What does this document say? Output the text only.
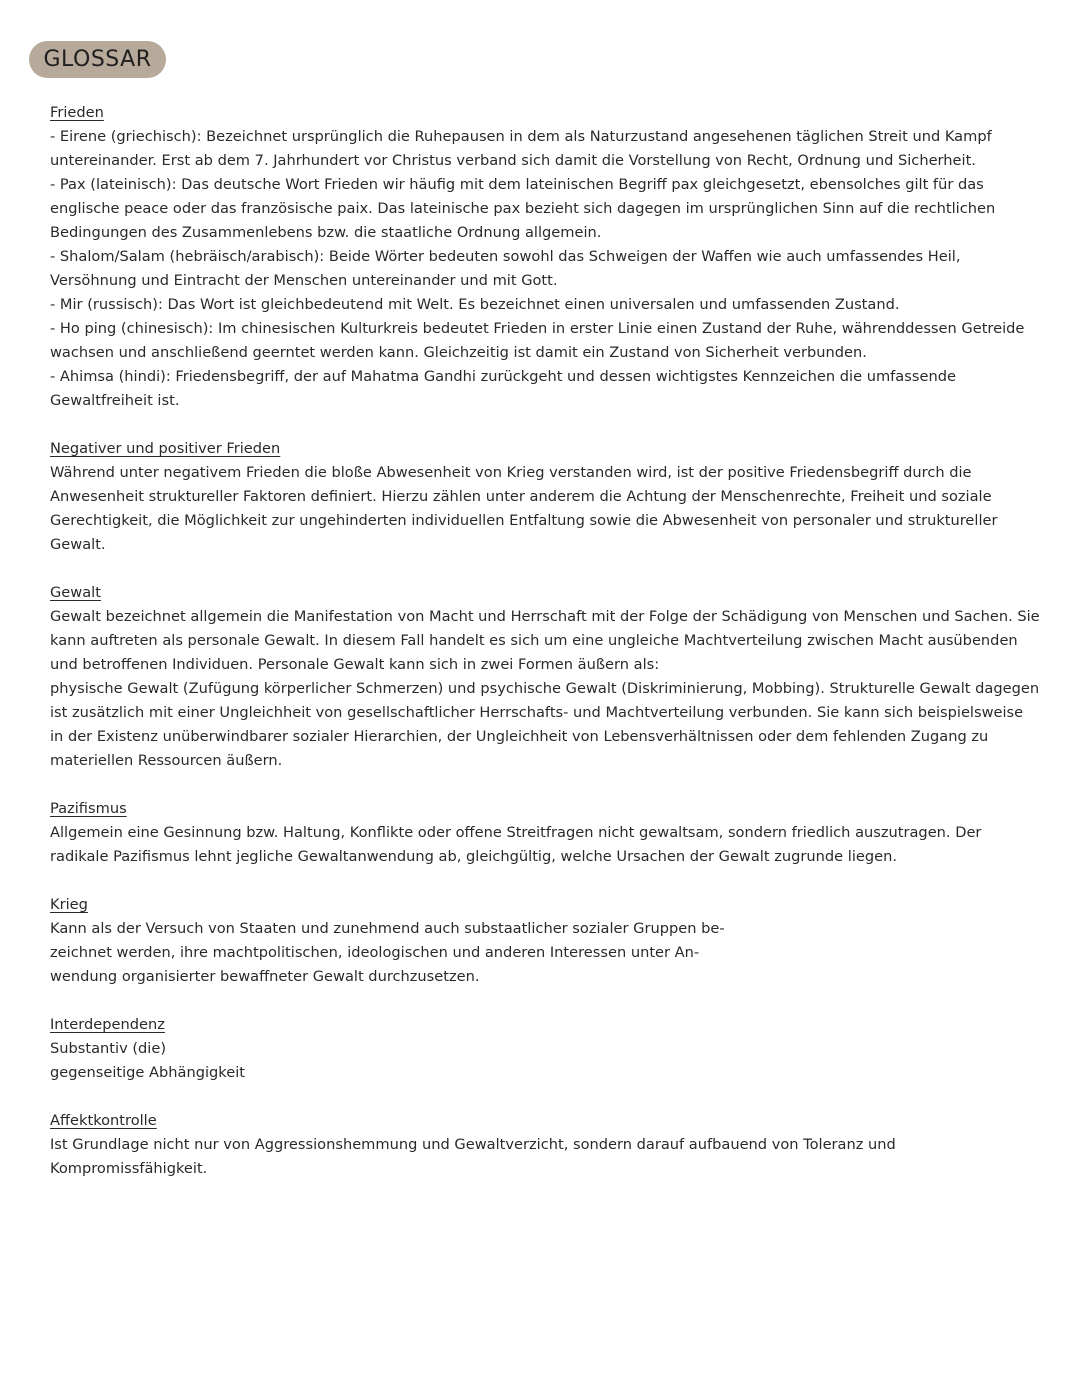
GLOSSAR
Frieden
- Eirene (griechisch): Bezeichnet ursprünglich die Ruhepausen in dem als Naturzustand angesehenen täglichen Streit und Kampf untereinander. Erst ab dem 7. Jahrhundert vor Christus verband sich damit die Vorstellung von Recht, Ordnung und Sicherheit.
- Pax (lateinisch): Das deutsche Wort Frieden wir häufig mit dem lateinischen Begriff pax gleichgesetzt, ebensolches gilt für das englische peace oder das französische paix. Das lateinische pax bezieht sich dagegen im ursprünglichen Sinn auf die rechtlichen Bedingungen des Zusammenlebens bzw. die staatliche Ordnung allgemein.
- Shalom/Salam (hebräisch/arabisch): Beide Wörter bedeuten sowohl das Schweigen der Waffen wie auch umfassendes Heil, Versöhnung und Eintracht der Menschen untereinander und mit Gott.
- Mir (russisch): Das Wort ist gleichbedeutend mit Welt. Es bezeichnet einen universalen und umfassenden Zustand.
- Ho ping (chinesisch): Im chinesischen Kulturkreis bedeutet Frieden in erster Linie einen Zustand der Ruhe, währenddessen Getreide wachsen und anschließend geerntet werden kann. Gleichzeitig ist damit ein Zustand von Sicherheit verbunden.
- Ahimsa (hindi): Friedensbegriff, der auf Mahatma Gandhi zurückgeht und dessen wichtigstes Kennzeichen die umfassende Gewaltfreiheit ist.
Negativer und positiver Frieden
Während unter negativem Frieden die bloße Abwesenheit von Krieg verstanden wird, ist der positive Friedensbegriff durch die Anwesenheit struktureller Faktoren definiert. Hierzu zählen unter anderem die Achtung der Menschenrechte, Freiheit und soziale Gerechtigkeit, die Möglichkeit zur ungehinderten individuellen Entfaltung sowie die Abwesenheit von personaler und struktureller Gewalt.
Gewalt
Gewalt bezeichnet allgemein die Manifestation von Macht und Herrschaft mit der Folge der Schädigung von Menschen und Sachen. Sie kann auftreten als personale Gewalt. In diesem Fall handelt es sich um eine ungleiche Machtverteilung zwischen Macht ausübenden und betroffenen Individuen. Personale Gewalt kann sich in zwei Formen äußern als:
physische Gewalt (Zufügung körperlicher Schmerzen) und psychische Gewalt (Diskriminierung, Mobbing). Strukturelle Gewalt dagegen ist zusätzlich mit einer Ungleichheit von gesellschaftlicher Herrschafts- und Machtverteilung verbunden. Sie kann sich beispielsweise in der Existenz unüberwindbarer sozialer Hierarchien, der Ungleichheit von Lebensverhältnissen oder dem fehlenden Zugang zu materiellen Ressourcen äußern.
Pazifismus
Allgemein eine Gesinnung bzw. Haltung, Konflikte oder offene Streitfragen nicht gewaltsam, sondern friedlich auszutragen. Der radikale Pazifismus lehnt jegliche Gewaltanwendung ab, gleichgültig, welche Ursachen der Gewalt zugrunde liegen.
Krieg
Kann als der Versuch von Staaten und zunehmend auch substaatlicher sozialer Gruppen be-
zeichnet werden, ihre machtpolitischen, ideologischen und anderen Interessen unter An-
wendung organisierter bewaffneter Gewalt durchzusetzen.
Interdependenz
Substantiv (die)
gegenseitige Abhängigkeit
Affektkontrolle
Ist Grundlage nicht nur von Aggressionshemmung und Gewaltverzicht, sondern darauf aufbauend von Toleranz und Kompromissfähigkeit.
